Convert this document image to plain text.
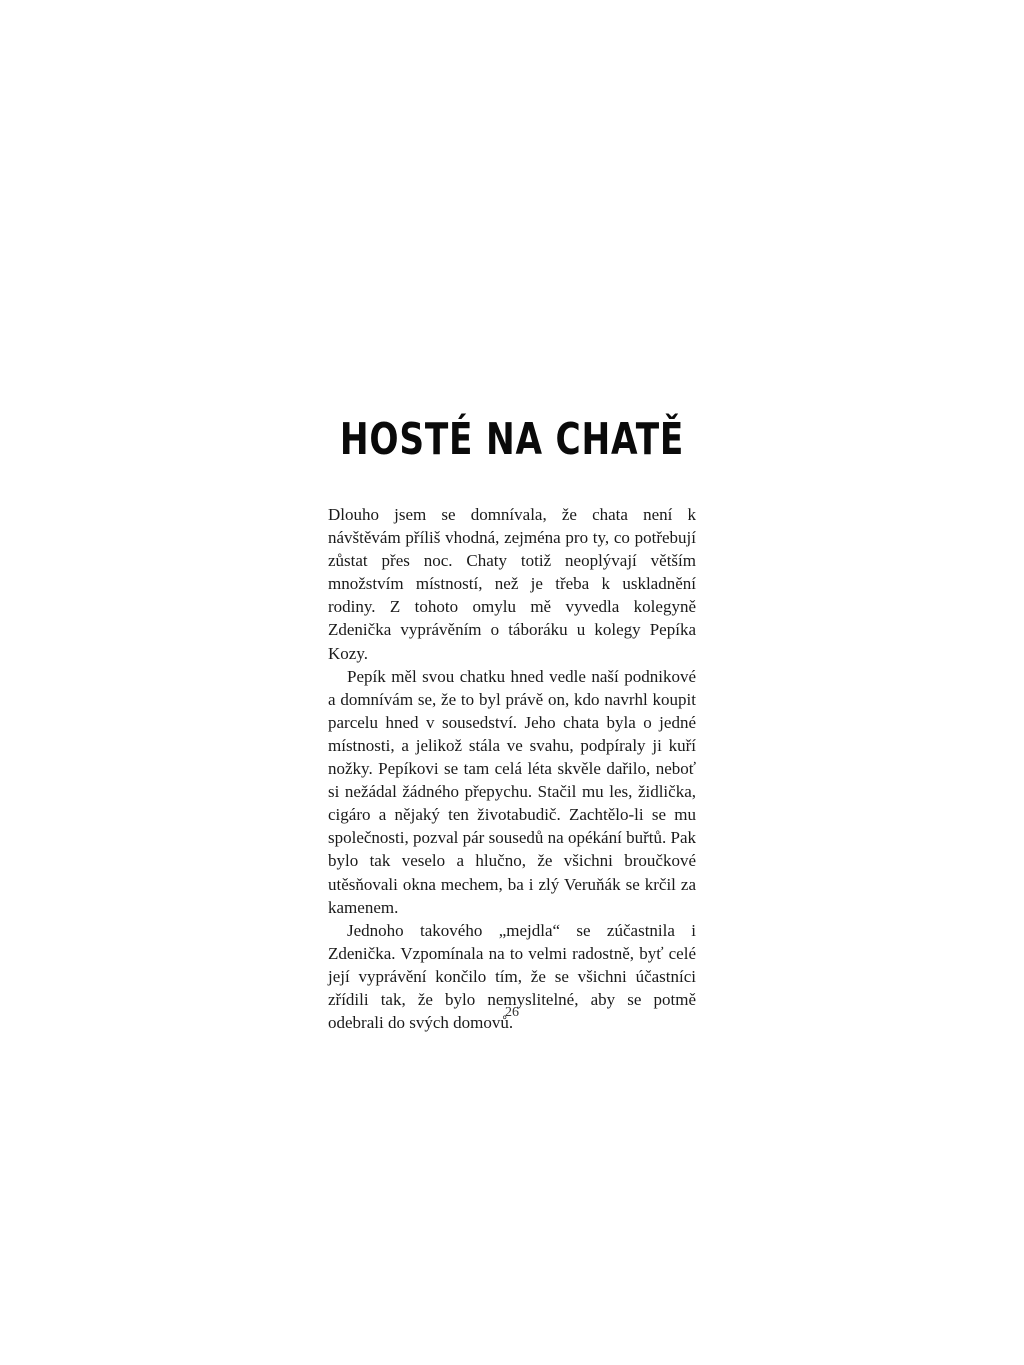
HOSTÉ NA CHATĚ

Dlouho jsem se domnívala, že chata není k návštěvám příliš vhodná, zejména pro ty, co potřebují zůstat přes noc. Chaty totiž neoplývají větším množstvím místností, než je třeba k uskladnění rodiny. Z tohoto omylu mě vyvedla kolegyně Zdenička vyprávěním o táboráku u kolegy Pepíka Kozy.

Pepík měl svou chatku hned vedle naší podnikové a domnívám se, že to byl právě on, kdo navrhl koupit parcelu hned v sousedství. Jeho chata byla o jedné místnosti, a jelikož stála ve svahu, podpíraly ji kuří nožky. Pepíkovi se tam celá léta skvěle dařilo, neboť si nežádal žádného přepychu. Stačil mu les, židlička, cigáro a nějaký ten životabudič. Zachtělo-li se mu společnosti, pozval pár sousedů na opékání buřtů. Pak bylo tak veselo a hlučno, že všichni broučkové utěsňovali okna mechem, ba i zlý Veruňák se krčil za kamenem.

Jednoho takového „mejdla“ se zúčastnila i Zdenička. Vzpomínala na to velmi radostně, byť celé její vyprávění končilo tím, že se všichni účastníci zřídili tak, že bylo nemyslitelné, aby se potmě odebrali do svých domovů.

26
